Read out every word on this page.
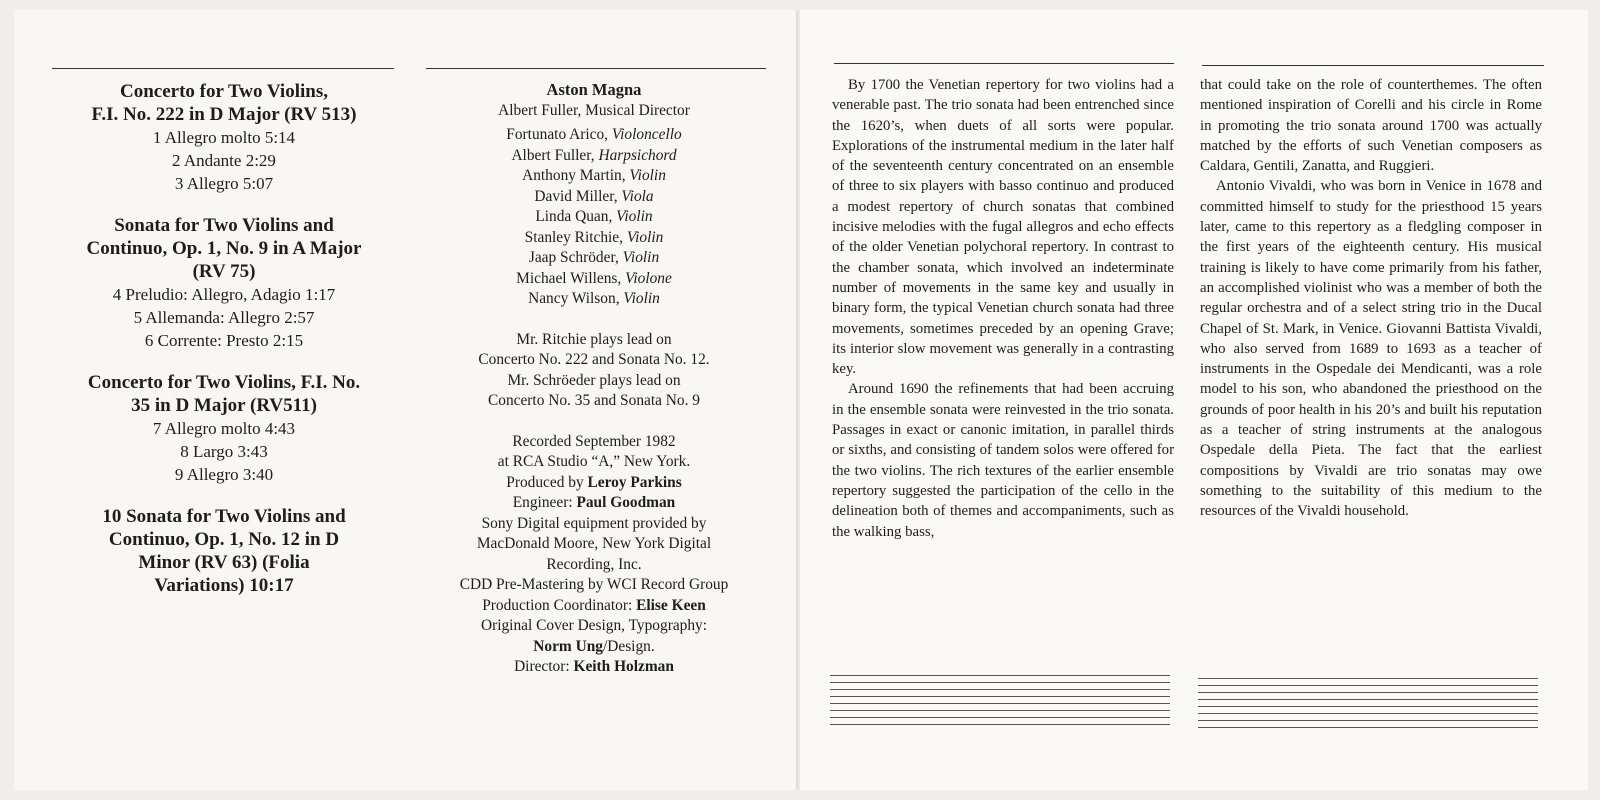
Concerto for Two Violins,
F.I. No. 222 in D Major (RV 513)
1 Allegro molto 5:14
2 Andante 2:29
3 Allegro 5:07
Sonata for Two Violins and
Continuo, Op. 1, No. 9 in A Major
(RV 75)
4 Preludio: Allegro, Adagio 1:17
5 Allemanda: Allegro 2:57
6 Corrente: Presto 2:15
Concerto for Two Violins, F.I. No.
35 in D Major (RV511)
7 Allegro molto 4:43
8 Largo 3:43
9 Allegro 3:40
10 Sonata for Two Violins and
Continuo, Op. 1, No. 12 in D
Minor (RV 63) (Folia
Variations) 10:17
Aston Magna
Albert Fuller, Musical Director
Fortunato Arico, Violoncello
Albert Fuller, Harpsichord
Anthony Martin, Violin
David Miller, Viola
Linda Quan, Violin
Stanley Ritchie, Violin
Jaap Schröder, Violin
Michael Willens, Violone
Nancy Wilson, Violin
Mr. Ritchie plays lead on
Concerto No. 222 and Sonata No. 12.
Mr. Schröeder plays lead on
Concerto No. 35 and Sonata No. 9
Recorded September 1982
at RCA Studio “A,” New York.
Produced by Leroy Parkins
Engineer: Paul Goodman
Sony Digital equipment provided by
MacDonald Moore, New York Digital
Recording, Inc.
CDD Pre-Mastering by WCI Record Group
Production Coordinator: Elise Keen
Original Cover Design, Typography:
Norm Ung/Design.
Director: Keith Holzman

By 1700 the Venetian repertory for two violins had a venerable past. The trio sonata had been entrenched since the 1620’s, when duets of all sorts were popular. Explorations of the instrumental medium in the later half of the seventeenth century concentrated on an ensemble of three to six players with basso continuo and produced a modest repertory of church sonatas that combined incisive melodies with the fugal allegros and echo effects of the older Venetian polychoral repertory. In contrast to the chamber sonata, which involved an indeterminate number of movements in the same key and usually in binary form, the typical Venetian church sonata had three movements, sometimes preceded by an opening Grave; its interior slow movement was generally in a contrasting key.

Around 1690 the refinements that had been accruing in the ensemble sonata were reinvested in the trio sonata. Passages in exact or canonic imitation, in parallel thirds or sixths, and consisting of tandem solos were offered for the two violins. The rich textures of the earlier ensemble repertory suggested the participation of the cello in the delineation both of themes and accompaniments, such as the walking bass,

that could take on the role of counterthemes. The often mentioned inspiration of Corelli and his circle in Rome in promoting the trio sonata around 1700 was actually matched by the efforts of such Venetian composers as Caldara, Gentili, Zanatta, and Ruggieri.

Antonio Vivaldi, who was born in Venice in 1678 and committed himself to study for the priesthood 15 years later, came to this repertory as a fledgling composer in the first years of the eighteenth century. His musical training is likely to have come primarily from his father, an accomplished violinist who was a member of both the regular orchestra and of a select string trio in the Ducal Chapel of St. Mark, in Venice. Giovanni Battista Vivaldi, who also served from 1689 to 1693 as a teacher of instruments in the Ospedale dei Mendicanti, was a role model to his son, who abandoned the priesthood on the grounds of poor health in his 20’s and built his reputation as a teacher of string instruments at the analogous Ospedale della Pieta. The fact that the earliest compositions by Vivaldi are trio sonatas may owe something to the suitability of this medium to the resources of the Vivaldi household.
